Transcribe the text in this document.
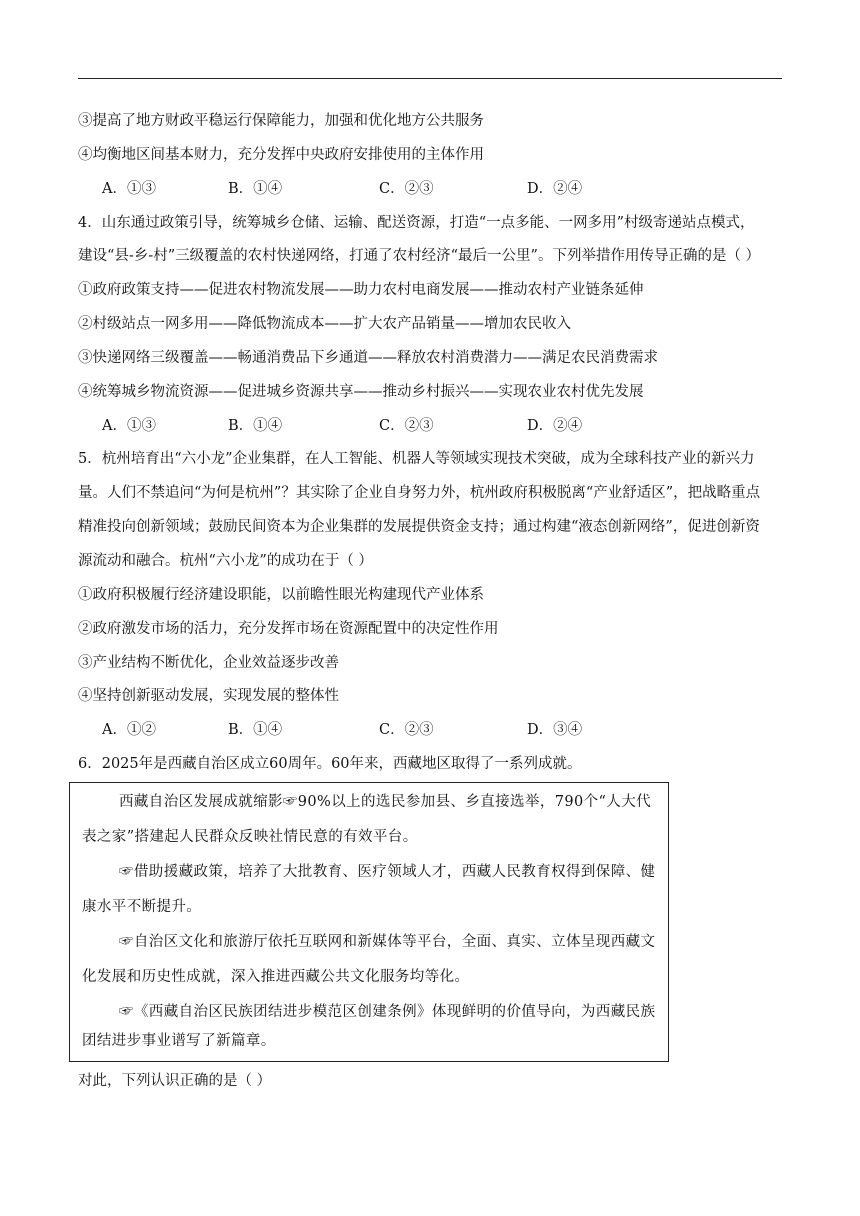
③提高了地方财政平稳运行保障能力，加强和优化地方公共服务
④均衡地区间基本财力，充分发挥中央政府安排使用的主体作用
A．①③	B．①④	C．②③	D．②④
4．山东通过政策引导，统筹城乡仓储、运输、配送资源，打造“一点多能、一网多用”村级寄递站点模式，
建设“县-乡-村”三级覆盖的农村快递网络，打通了农村经济“最后一公里”。下列举措作用传导正确的是（ ）
①政府政策支持——促进农村物流发展——助力农村电商发展——推动农村产业链条延伸
②村级站点一网多用——降低物流成本——扩大农产品销量——增加农民收入
③快递网络三级覆盖——畅通消费品下乡通道——释放农村消费潜力——满足农民消费需求
④统筹城乡物流资源——促进城乡资源共享——推动乡村振兴——实现农业农村优先发展
A．①③	B．①④	C．②③	D．②④
5．杭州培育出“六小龙”企业集群，在人工智能、机器人等领域实现技术突破，成为全球科技产业的新兴力
量。人们不禁追问“为何是杭州”？其实除了企业自身努力外，杭州政府积极脱离“产业舒适区”，把战略重点
精准投向创新领域；鼓励民间资本为企业集群的发展提供资金支持；通过构建“液态创新网络”，促进创新资
源流动和融合。杭州“六小龙”的成功在于（ ）
①政府积极履行经济建设职能，以前瞻性眼光构建现代产业体系
②政府激发市场的活力，充分发挥市场在资源配置中的决定性作用
③产业结构不断优化，企业效益逐步改善
④坚持创新驱动发展，实现发展的整体性
A．①②	B．①④	C．②③	D．③④
6．2025年是西藏自治区成立60周年。60年来，西藏地区取得了一系列成就。
西藏自治区发展成就缩影☞90%以上的选民参加县、乡直接选举，790个“人大代
表之家”搭建起人民群众反映社情民意的有效平台。
☞借助援藏政策，培养了大批教育、医疗领域人才，西藏人民教育权得到保障、健
康水平不断提升。
☞自治区文化和旅游厅依托互联网和新媒体等平台，全面、真实、立体呈现西藏文
化发展和历史性成就，深入推进西藏公共文化服务均等化。
☞《西藏自治区民族团结进步模范区创建条例》体现鲜明的价值导向，为西藏民族
团结进步事业谱写了新篇章。
对此，下列认识正确的是（ ）
